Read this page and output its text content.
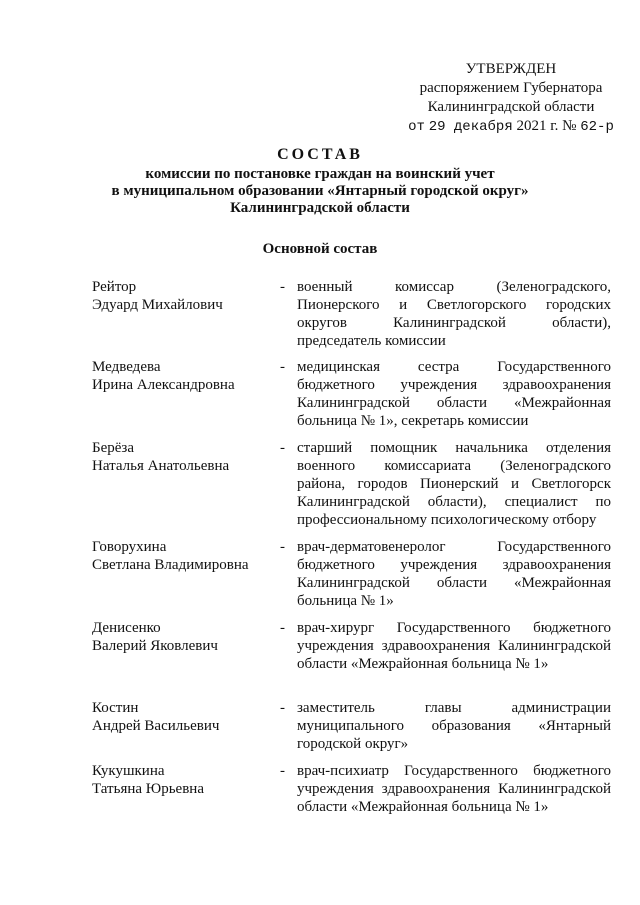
УТВЕРЖДЕН
распоряжением Губернатора
Калининградской области
от 29 декабря 2021 г. № 62-р
СОСТАВ
комиссии по постановке граждан на воинский учет
в муниципальном образовании «Янтарный городской округ»
Калининградской области
Основной состав
Рейтор
Эдуард Михайлович
- военный комиссар (Зеленоградского, Пионерского и Светлогорского городских округов Калининградской области), председатель комиссии
Медведева
Ирина Александровна
- медицинская сестра Государственного бюджетного учреждения здравоохранения Калининградской области «Межрайонная больница № 1», секретарь комиссии
Берёза
Наталья Анатольевна
- старший помощник начальника отделения военного комиссариата (Зеленоградского района, городов Пионерский и Светлогорск Калининградской области), специалист по профессиональному психологическому отбору
Говорухина
Светлана Владимировна
- врач-дерматовенеролог Государственного бюджетного учреждения здравоохранения Калининградской области «Межрайонная больница № 1»
Денисенко
Валерий Яковлевич
- врач-хирург Государственного бюджетного учреждения здравоохранения Калининградской области «Межрайонная больница № 1»
Костин
Андрей Васильевич
- заместитель главы администрации муниципального образования «Янтарный городской округ»
Кукушкина
Татьяна Юрьевна
- врач-психиатр Государственного бюджетного учреждения здравоохранения Калининградской области «Межрайонная больница № 1»
